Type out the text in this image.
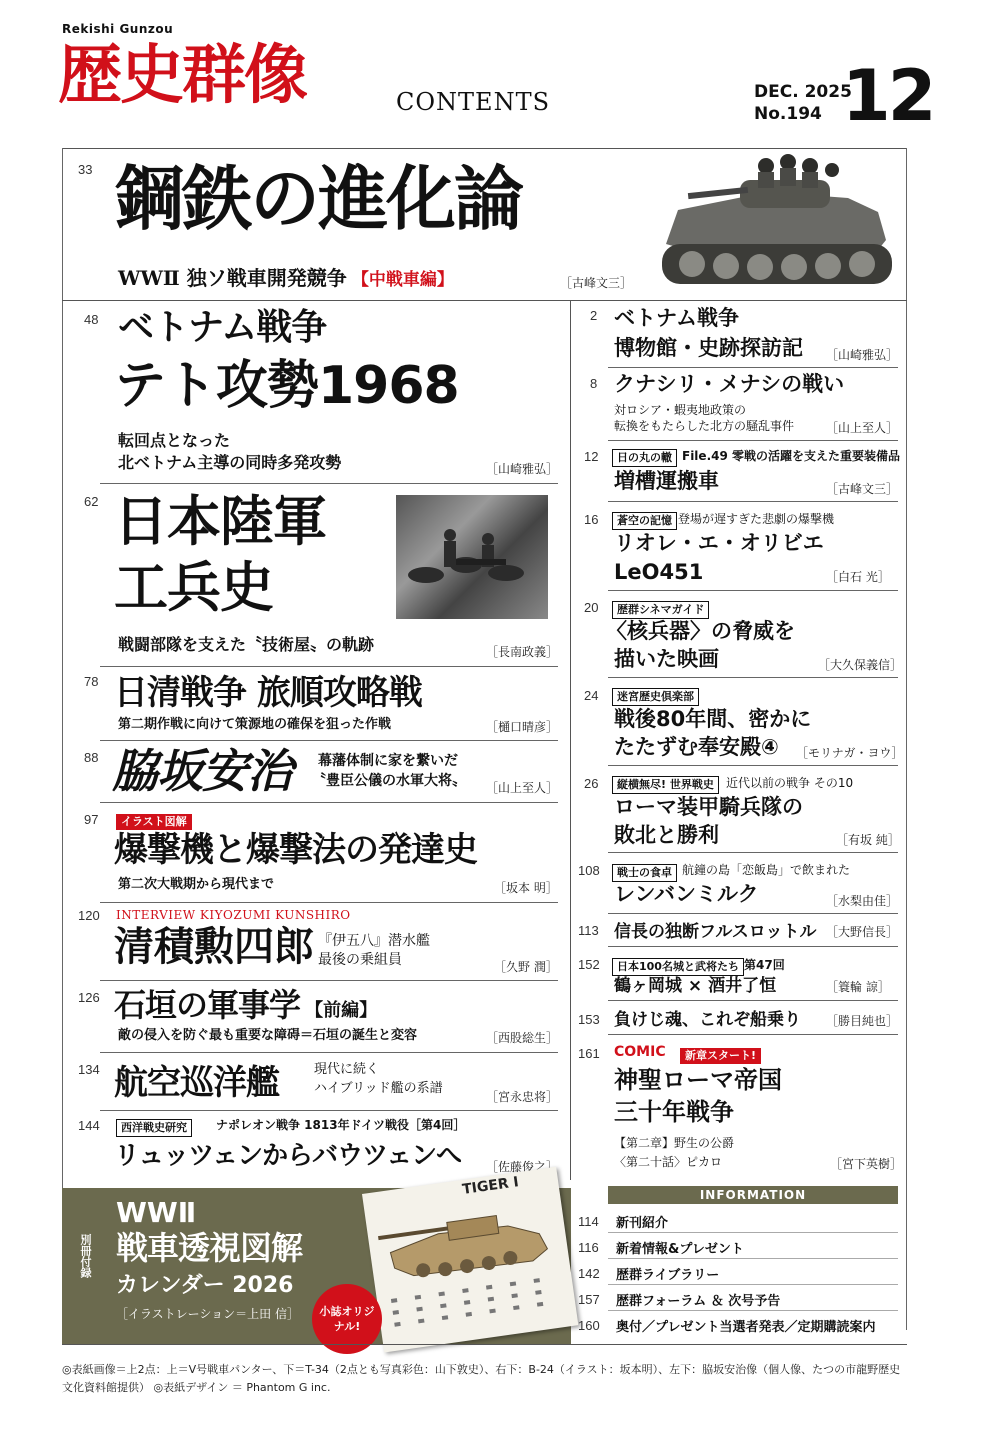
Rekishi Gunzou
歴史群像	CONTENTS	DEC. 2025
No.194 12
33 鋼鉄の進化論
WWⅡ 独ソ戦車開発競争 【中戦車編】	［古峰文三］
48 ベトナム戦争
テト攻勢1968
転回点となった
北ベトナム主導の同時多発攻勢	［山崎雅弘］
62 日本陸軍
工兵史
戦闘部隊を支えた〝技術屋〟の軌跡	［長南政義］
78 日清戦争 旅順攻略戦
第二期作戦に向けて策源地の確保を狙った作戦	［樋口晴彦］
88 脇坂安治 幕藩体制に家を繋いだ
〝豊臣公儀の水軍大将〟 ［山上至人］
97	イラスト図解
爆撃機と爆撃法の発達史
第二次大戦期から現代まで	［坂本 明］
120 INTERVIEW KIYOZUMI KUNSHIRO
清積勲四郎 『伊五八』潜水艦
最後の乗組員	［久野 潤］
126 石垣の軍事学 【前編】
敵の侵入を防ぐ最も重要な障碍＝石垣の誕生と変容	［西股総生］
134 航空巡洋艦	現代に続く
ハイブリッド艦の系譜
［宮永忠将］
144	西洋戦史研究	ナポレオン戦争 1813年ドイツ戦役［第4回］
リュッツェンからバウツェンへ ［佐藤俊之］
別冊付録
WWⅡ
戦車透視図解
カレンダー 2026
［イラストレーション＝上田 信］
TIGER I
小誌オリジナル!
2 ベトナム戦争
博物館・史跡探訪記 ［山崎雅弘］
8 クナシリ・メナシの戦い
対ロシア・蝦夷地政策の
転換をもたらした北方の騒乱事件	［山上至人］
12	日の丸の轍 File.49 零戦の活躍を支えた重要装備品
増槽運搬車	［古峰文三］
16	蒼空の記憶 登場が遅すぎた悲劇の爆撃機
リオレ・エ・オリビエ
LeO451	［白石 光］
20	歴群シネマガイド
〈核兵器〉の脅威を
描いた映画	［大久保義信］
24	迷宮歴史倶楽部
戦後80年間、密かに
たたずむ奉安殿④ ［モリナガ・ヨウ］
26	縦横無尽! 世界戦史	近代以前の戦争 その10
ローマ装甲騎兵隊の
敗北と勝利	［有坂 純］
108	戦士の食卓 航鐘の島「恋飯島」で飲まれた
レンバンミルク	［水梨由佳］
113 信長の独断フルスロットル ［大野信長］
152	日本100名城と武将たち 第47回
鶴ヶ岡城 × 酒井了恒	［簑輪 諒］
153 負けじ魂、これぞ船乗り ［勝目純也］
161 COMIC	新章スタート!
神聖ローマ帝国
三十年戦争
【第二章】野生の公爵
〈第二十話〉ピカロ	［宮下英樹］
INFORMATION
114 新刊紹介
116 新着情報&プレゼント
142 歴群ライブラリー
157 歴群フォーラム ＆ 次号予告
160 奥付／プレゼント当選者発表／定期購読案内
◎表紙画像＝上2点：上＝V号戦車パンター、下＝T-34（2点とも写真彩色：山下敦史）、右下：B-24（イラスト：坂本明）、左下：脇坂安治像（個人像、たつの市龍野歴史
文化資料館提供） ◎表紙デザイン ＝ Phantom G inc.
